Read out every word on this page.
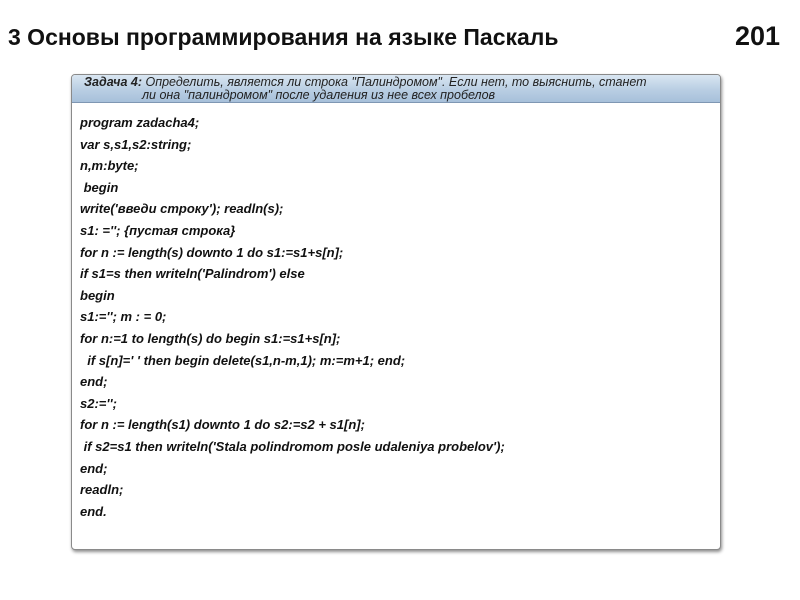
3 Основы программирования на языке Паскаль	201
Задача 4: Определить, является ли строка "Палиндромом". Если нет, то выяснить, станет
ли она "палиндромом" после удаления из нее всех пробелов
program zadacha4;
var s,s1,s2:string;
n,m:byte;
begin
write('введи строку'); readln(s);
s1: =''; {пустая строка}
for n := length(s) downto 1 do s1:=s1+s[n];
if s1=s then writeln('Palindrom') else
begin
s1:=''; m : = 0;
for n:=1 to length(s) do begin s1:=s1+s[n];
if s[n]=' ' then begin delete(s1,n-m,1); m:=m+1; end;
end;
s2:='';
for n := length(s1) downto 1 do s2:=s2 + s1[n];
if s2=s1 then writeln('Stala polindromom posle udaleniya probelov');
end;
readln;
end.
